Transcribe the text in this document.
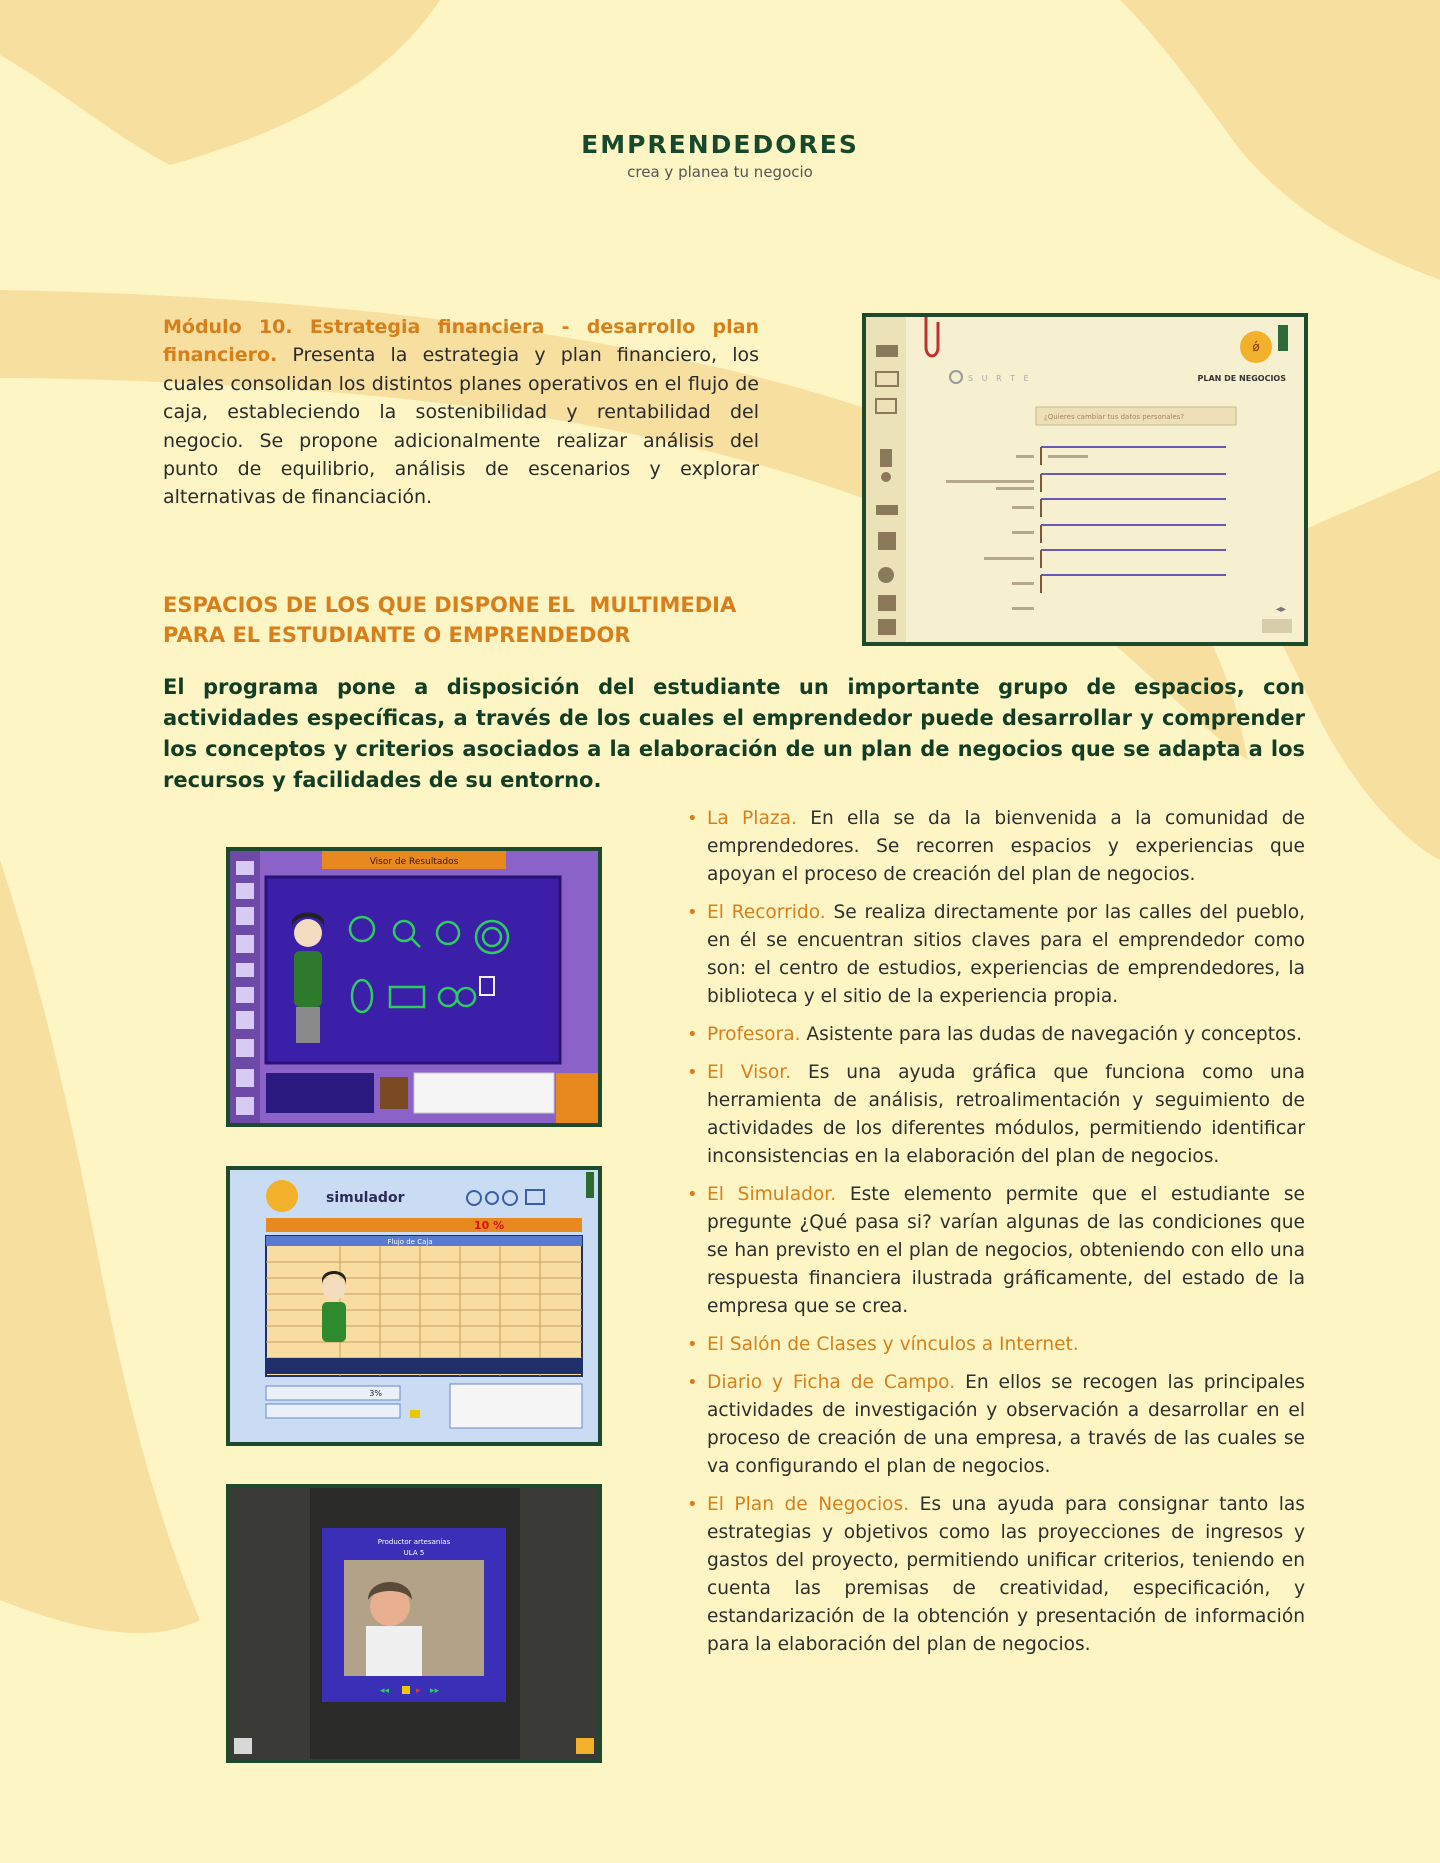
EMPRENDEDORES
crea y planea tu negocio
Módulo 10. Estrategia financiera - desarrollo plan financiero. Presenta la estrategia y plan financiero, los cuales consolidan los distintos planes operativos en el flujo de caja, estableciendo la sostenibilidad y rentabilidad del negocio. Se propone adicionalmente realizar análisis del punto de equilibrio, análisis de escenarios y explorar alternativas de financiación.
ESPACIOS DE LOS QUE DISPONE EL  MULTIMEDIA
PARA EL ESTUDIANTE O EMPRENDEDOR
El programa pone a disposición del estudiante un importante grupo de espacios, con actividades específicas, a través de los cuales el emprendedor puede desarrollar y comprender los conceptos y criterios asociados a la elaboración de un plan de negocios que se adapta a los recursos y facilidades de su entorno.
• La Plaza. En ella se da la bienvenida a la comunidad de emprendedores. Se recorren espacios y experiencias que apoyan el proceso de creación del plan de negocios.
• El Recorrido. Se realiza directamente por las calles del pueblo, en él se encuentran sitios claves para el emprendedor como son: el centro de estudios, experiencias de emprendedores, la biblioteca y el sitio de la experiencia propia.
• Profesora. Asistente para las dudas de navegación y conceptos.
• El Visor. Es una ayuda gráfica que funciona como una herramienta de análisis, retroalimentación y seguimiento de actividades de los diferentes módulos, permitiendo identificar inconsistencias en la elaboración del plan de negocios.
• El Simulador. Este elemento permite que el estudiante se pregunte ¿Qué pasa si? varían algunas de las condiciones que se han previsto en el plan de negocios, obteniendo con ello una respuesta financiera ilustrada gráficamente, del estado de la empresa que se crea.
• El Salón de Clases y vínculos a Internet.
• Diario y Ficha de Campo. En ellos se recogen las principales actividades de investigación y observación a desarrollar en el proceso de creación de una empresa, a través de las cuales se va configurando el plan de negocios.
• El Plan de Negocios. Es una ayuda para consignar tanto las estrategias y objetivos como las proyecciones de ingresos y gastos del proyecto, permitiendo unificar criterios, teniendo en cuenta las premisas de creatividad, especificación, y estandarización de la obtención y presentación de información para la elaboración del plan de negocios.
S U R T E
ǿ
PLAN DE NEGOCIOS
¿Quieres cambiar tus datos personales?
◂▸
Visor de Resultados
simulador
10 %
Flujo de Caja
3%
Productor artesanías
ULA 5
◂◂	▸ ▸▸
